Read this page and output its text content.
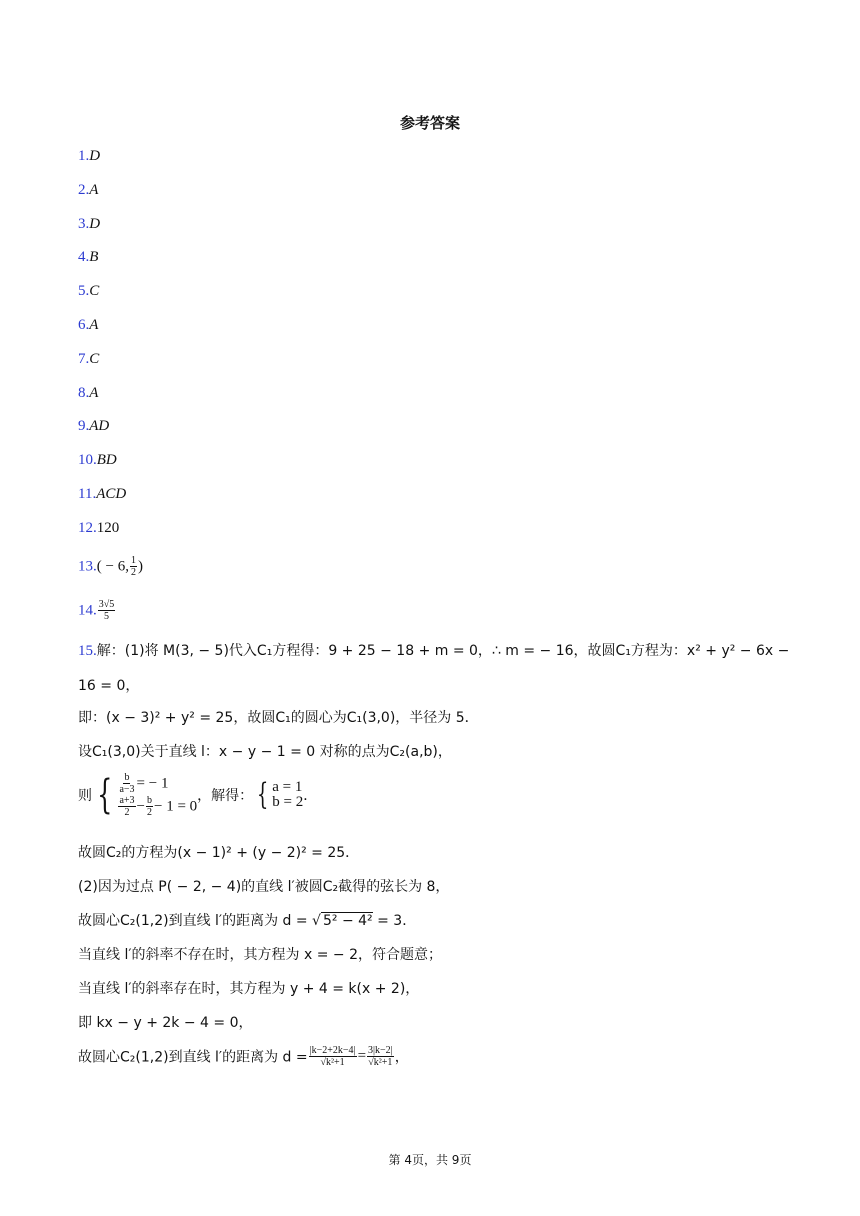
参考答案
1.D
2.A
3.D
4.B
5.C
6.A
7.C
8.A
9.AD
10.BD
11.ACD
12.120
13.( − 6, $\frac{1}{2}$ )
14. $\frac{3√5}{5}$
15.解：(1)将 M(3, − 5)代入C₁方程得：9 + 25 − 18 + m = 0，∴ m = − 16，故圆C₁方程为：x² + y² − 6x −
16 = 0，
即：(x − 3)² + y² = 25，故圆C₁的圆心为C₁(3,0)，半径为 5．
设C₁(3,0)关于直线 l：x − y − 1 = 0 对称的点为C₂(a,b)，
则 { $\frac{b}{a-3}$ = − 1
$\frac{a+3}{2} - \frac{b}{2} - 1 = 0$
，解得： { a = 1
b = 2 ．
故圆C₂的方程为(x − 1)² + (y − 2)² = 25．
(2)因为过点 P( − 2, − 4)的直线 l′被圆C₂截得的弦长为 8，
故圆心C₂(1,2)到直线 l′的距离为 d = √ 5² − 4² = 3．
当直线 l′的斜率不存在时，其方程为 x = − 2，符合题意；
当直线 l′的斜率存在时，其方程为 y + 4 = k(x + 2)，
即 kx − y + 2k − 4 = 0，
故圆心C₂(1,2)到直线 l′的距离为 $d = \frac{|k-2+2k-4|}{\text{√k²+1}} = \frac{3|k-2|}{\text{√k²+1}}$ ，
第 4页，共 9页
